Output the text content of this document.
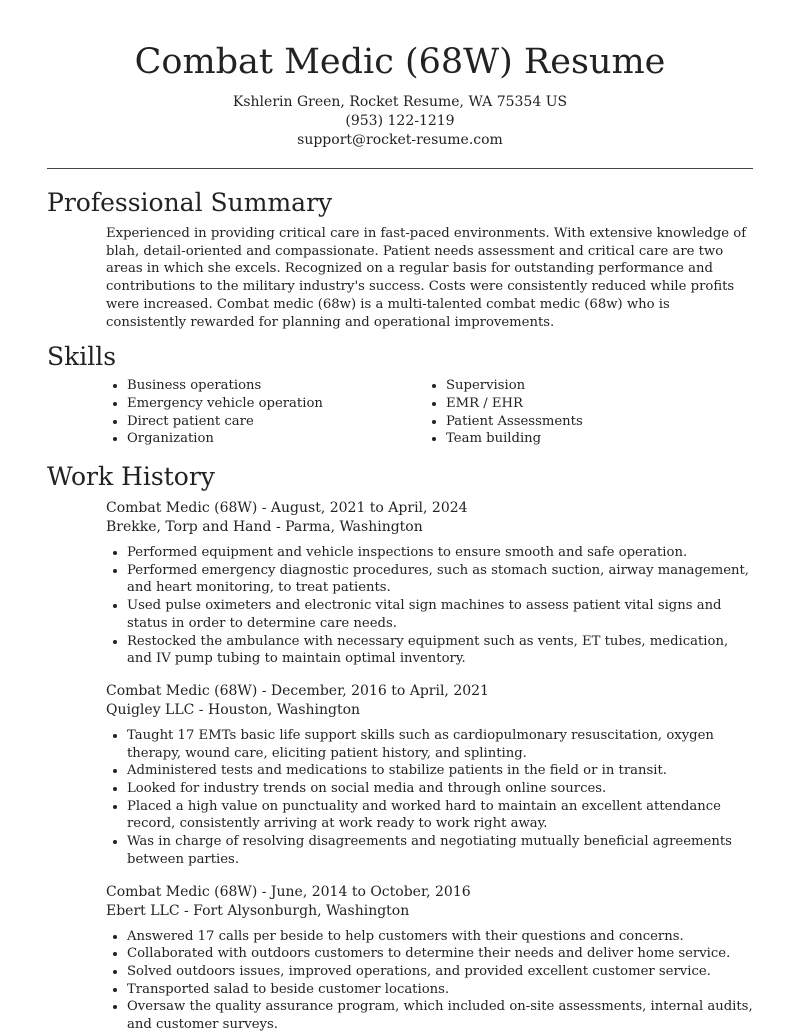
Combat Medic (68W) Resume
Kshlerin Green, Rocket Resume, WA 75354 US
(953) 122-1219
support@rocket-resume.com
Professional Summary
Experienced in providing critical care in fast-paced environments. With extensive knowledge of blah, detail-oriented and compassionate. Patient needs assessment and critical care are two areas in which she excels. Recognized on a regular basis for outstanding performance and contributions to the military industry's success. Costs were consistently reduced while profits were increased. Combat medic (68w) is a multi-talented combat medic (68w) who is consistently rewarded for planning and operational improvements.
Skills
• Business operations
• Emergency vehicle operation
• Direct patient care
• Organization
• Supervision
• EMR / EHR
• Patient Assessments
• Team building
Work History
Combat Medic (68W) - August, 2021 to April, 2024
Brekke, Torp and Hand - Parma, Washington
• Performed equipment and vehicle inspections to ensure smooth and safe operation.
• Performed emergency diagnostic procedures, such as stomach suction, airway management, and heart monitoring, to treat patients.
• Used pulse oximeters and electronic vital sign machines to assess patient vital signs and status in order to determine care needs.
• Restocked the ambulance with necessary equipment such as vents, ET tubes, medication, and IV pump tubing to maintain optimal inventory.
Combat Medic (68W) - December, 2016 to April, 2021
Quigley LLC - Houston, Washington
• Taught 17 EMTs basic life support skills such as cardiopulmonary resuscitation, oxygen therapy, wound care, eliciting patient history, and splinting.
• Administered tests and medications to stabilize patients in the field or in transit.
• Looked for industry trends on social media and through online sources.
• Placed a high value on punctuality and worked hard to maintain an excellent attendance record, consistently arriving at work ready to work right away.
• Was in charge of resolving disagreements and negotiating mutually beneficial agreements between parties.
Combat Medic (68W) - June, 2014 to October, 2016
Ebert LLC - Fort Alysonburgh, Washington
• Answered 17 calls per beside to help customers with their questions and concerns.
• Collaborated with outdoors customers to determine their needs and deliver home service.
• Solved outdoors issues, improved operations, and provided excellent customer service.
• Transported salad to beside customer locations.
• Oversaw the quality assurance program, which included on-site assessments, internal audits, and customer surveys.
